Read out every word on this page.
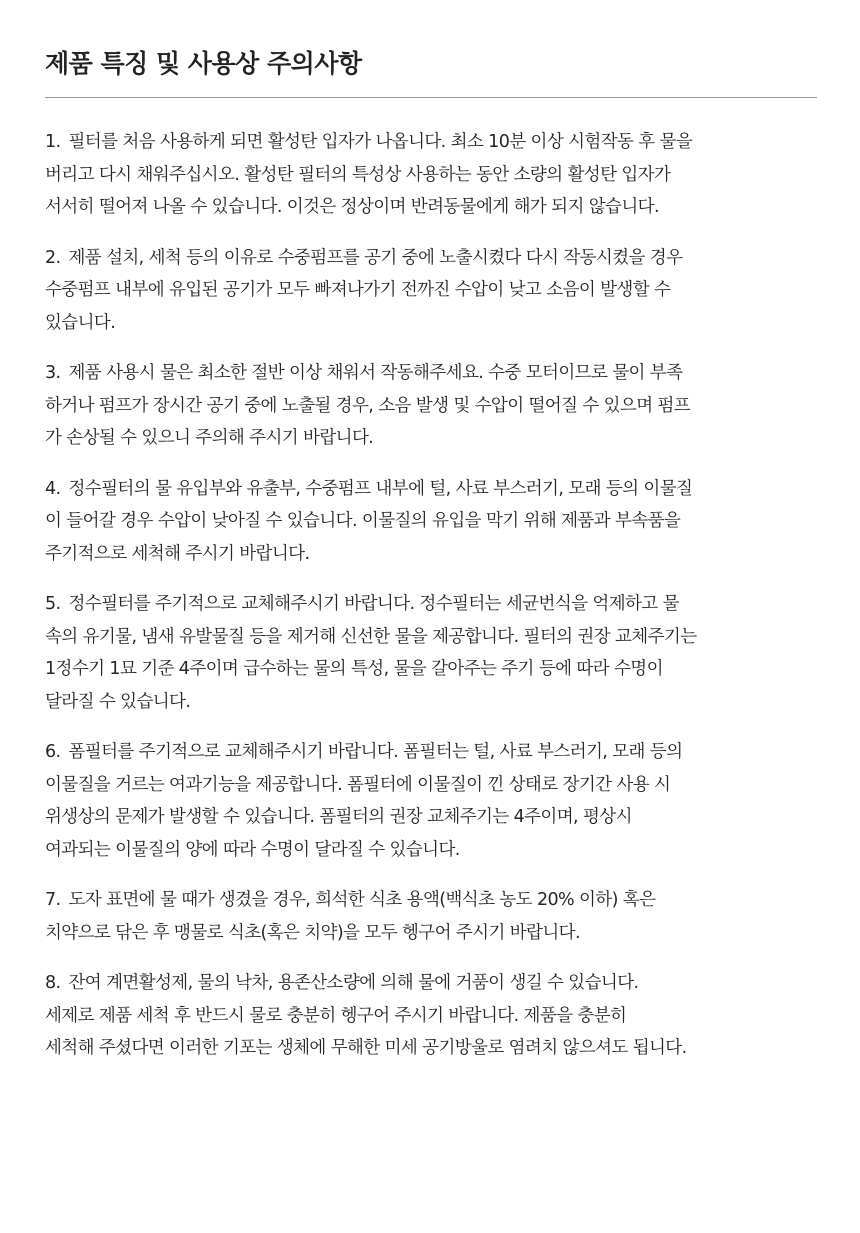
제품 특징 및 사용상 주의사항
1. 필터를 처음 사용하게 되면 활성탄 입자가 나옵니다. 최소 10분 이상 시험작동 후 물을
버리고 다시 채워주십시오. 활성탄 필터의 특성상 사용하는 동안 소량의 활성탄 입자가
서서히 떨어져 나올 수 있습니다. 이것은 정상이며 반려동물에게 해가 되지 않습니다.
2. 제품 설치, 세척 등의 이유로 수중펌프를 공기 중에 노출시켰다 다시 작동시켰을 경우
수중펌프 내부에 유입된 공기가 모두 빠져나가기 전까진 수압이 낮고 소음이 발생할 수
있습니다.
3. 제품 사용시 물은 최소한 절반 이상 채워서 작동해주세요. 수중 모터이므로 물이 부족
하거나 펌프가 장시간 공기 중에 노출될 경우, 소음 발생 및 수압이 떨어질 수 있으며 펌프
가 손상될 수 있으니 주의해 주시기 바랍니다.
4. 정수필터의 물 유입부와 유출부, 수중펌프 내부에 털, 사료 부스러기, 모래 등의 이물질
이 들어갈 경우 수압이 낮아질 수 있습니다. 이물질의 유입을 막기 위해 제품과 부속품을
주기적으로 세척해 주시기 바랍니다.
5. 정수필터를 주기적으로 교체해주시기 바랍니다. 정수필터는 세균번식을 억제하고 물
속의 유기물, 냄새 유발물질 등을 제거해 신선한 물을 제공합니다. 필터의 권장 교체주기는
1정수기 1묘 기준 4주이며 급수하는 물의 특성, 물을 갈아주는 주기 등에 따라 수명이
달라질 수 있습니다.
6. 폼필터를 주기적으로 교체해주시기 바랍니다. 폼필터는 털, 사료 부스러기, 모래 등의
이물질을 거르는 여과기능을 제공합니다. 폼필터에 이물질이 낀 상태로 장기간 사용 시
위생상의 문제가 발생할 수 있습니다. 폼필터의 권장 교체주기는 4주이며, 평상시
여과되는 이물질의 양에 따라 수명이 달라질 수 있습니다.
7. 도자 표면에 물 때가 생겼을 경우, 희석한 식초 용액(백식초 농도 20% 이하) 혹은
치약으로 닦은 후 맹물로 식초(혹은 치약)을 모두 헹구어 주시기 바랍니다.
8. 잔여 계면활성제, 물의 낙차, 용존산소량에 의해 물에 거품이 생길 수 있습니다.
세제로 제품 세척 후 반드시 물로 충분히 헹구어 주시기 바랍니다. 제품을 충분히
세척해 주셨다면 이러한 기포는 생체에 무해한 미세 공기방울로 염려치 않으셔도 됩니다.
